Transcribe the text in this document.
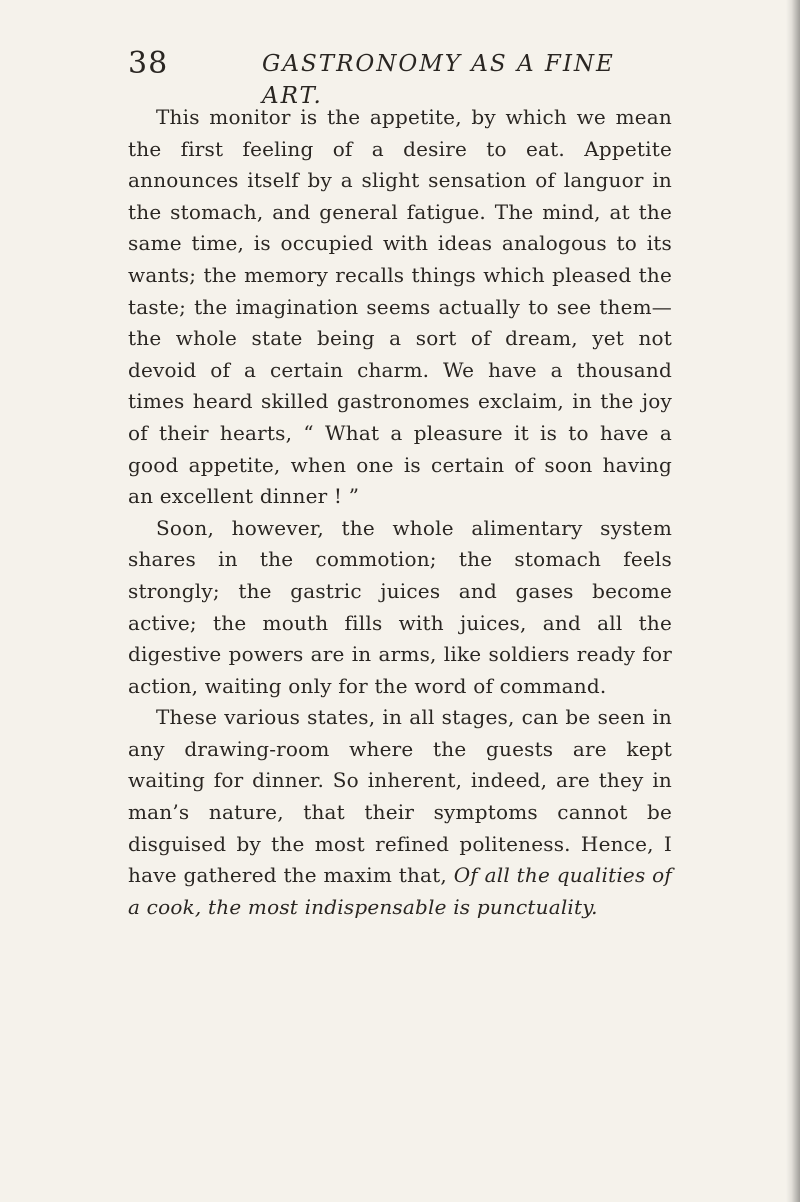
38	GASTRONOMY AS A FINE ART.

This monitor is the appetite, by which we mean the first feeling of a desire to eat. Appetite announces itself by a slight sensation of languor in the stomach, and general fatigue. The mind, at the same time, is occupied with ideas analogous to its wants; the memory recalls things which pleased the taste; the imagination seems actually to see them—the whole state being a sort of dream, yet not devoid of a certain charm. We have a thousand times heard skilled gastronomes exclaim, in the joy of their hearts, “ What a pleasure it is to have a good appetite, when one is certain of soon having an excellent dinner ! ”

Soon, however, the whole alimentary system shares in the commotion; the stomach feels strongly; the gastric juices and gases become active; the mouth fills with juices, and all the digestive powers are in arms, like soldiers ready for action, waiting only for the word of command.

These various states, in all stages, can be seen in any drawing-room where the guests are kept waiting for dinner. So inherent, indeed, are they in man’s nature, that their symptoms cannot be disguised by the most refined politeness. Hence, I have gathered the maxim that, Of all the qualities of a cook, the most indispensable is punctuality.
